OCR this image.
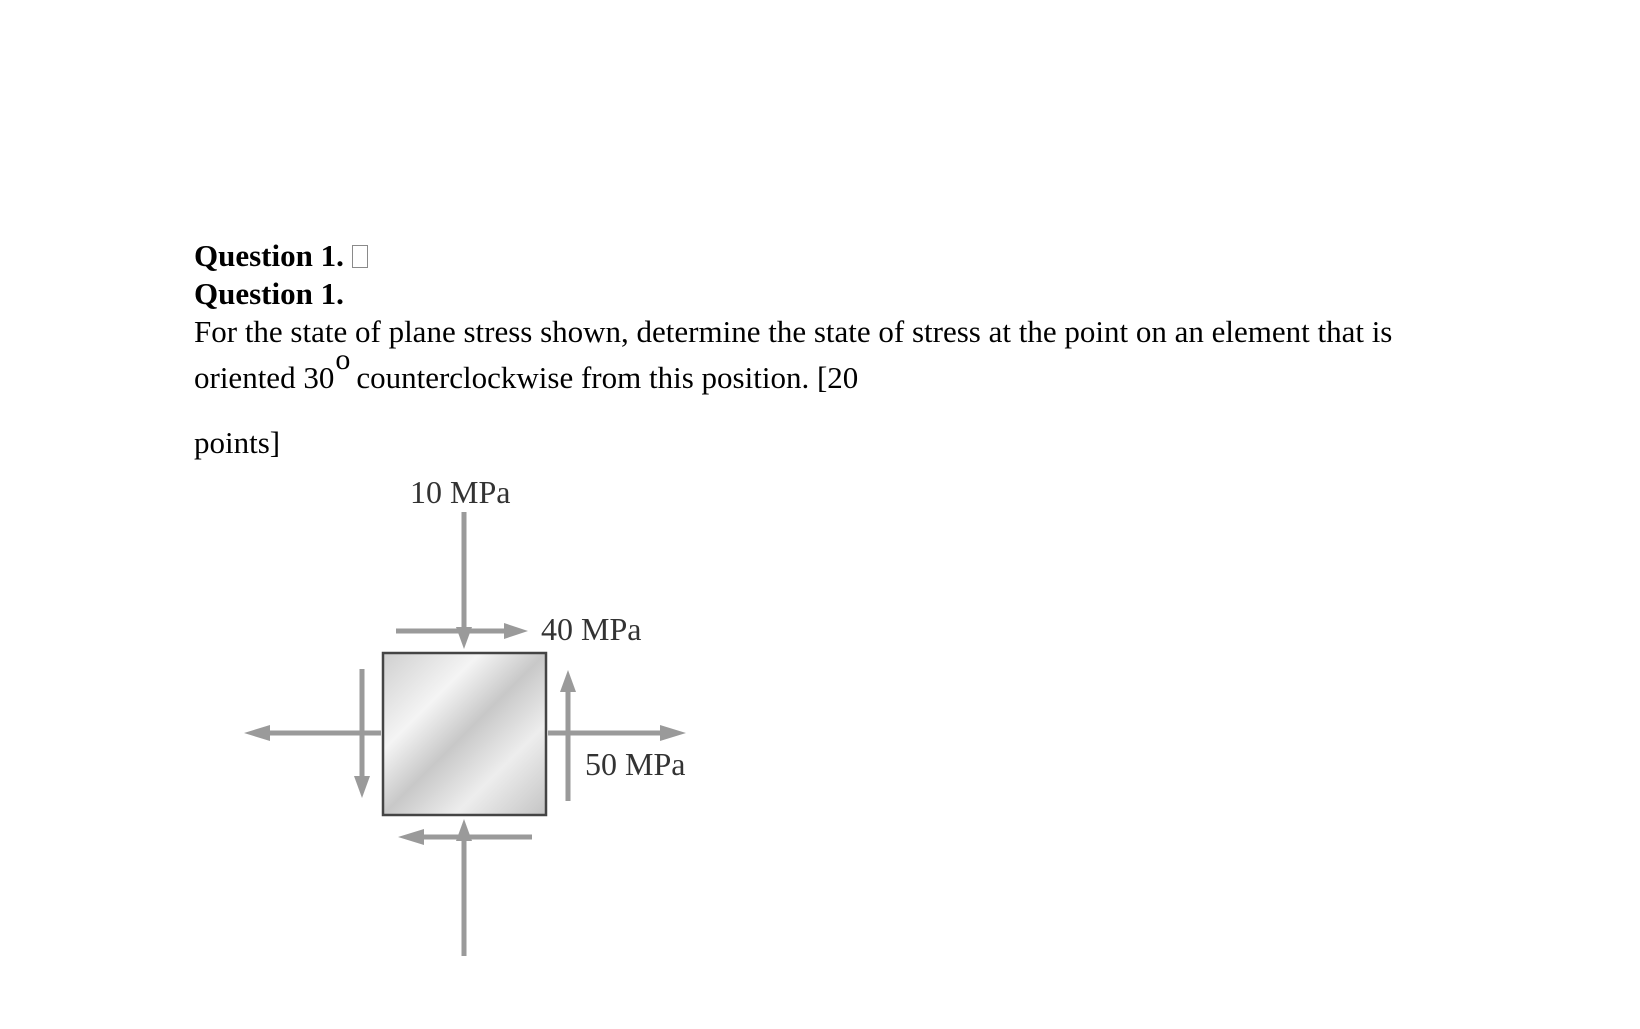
Question 1.
Question 1.
For the state of plane stress shown, determine the state of stress at the point on an element that is
oriented 30ocounterclockwise from this position. [20
points]
10 MPa
40 MPa
50 MPa
